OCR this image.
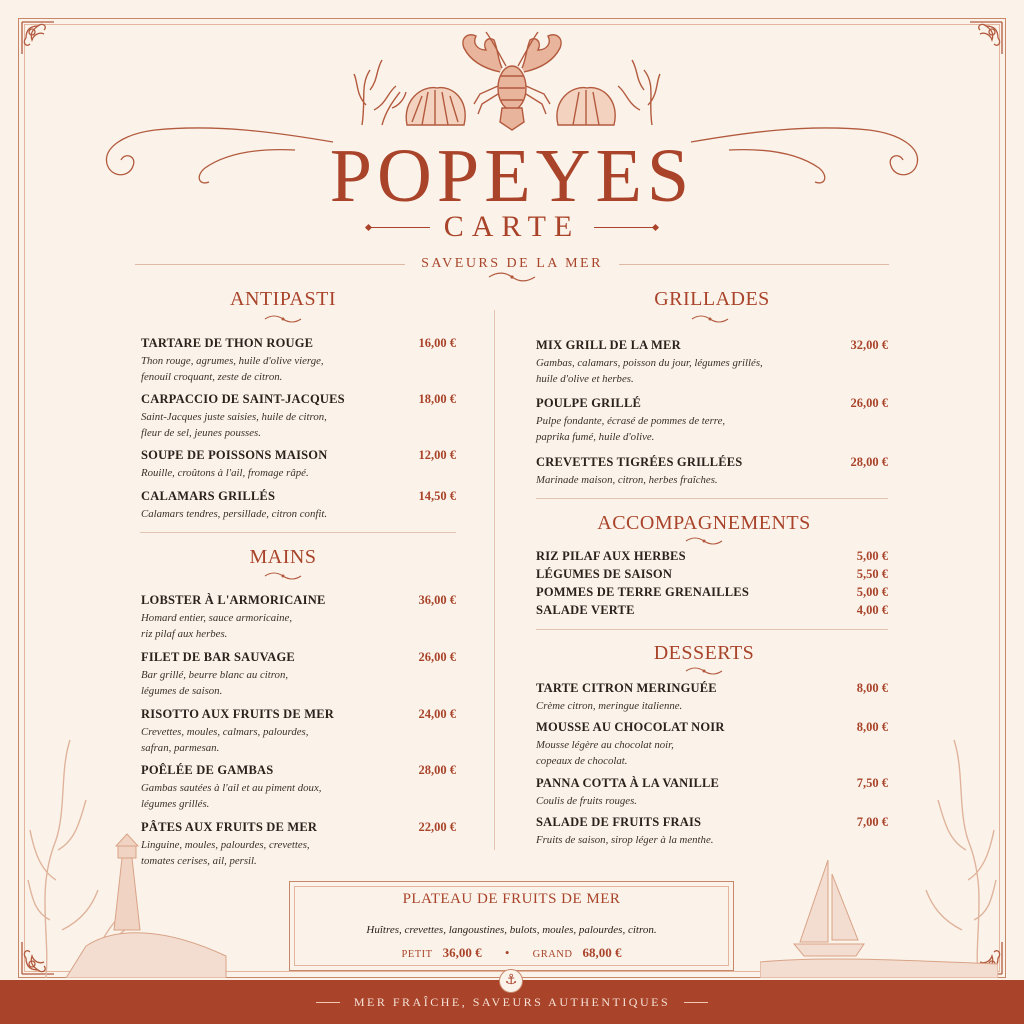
POPEYES
CARTE
SAVEURS DE LA MER
ANTIPASTI
TARTARE DE THON ROUGE
Thon rouge, agrumes, huile d'olive vierge,
fenouil croquant, zeste de citron.
16,00 €
CARPACCIO DE SAINT-JACQUES
Saint-Jacques juste saisies, huile de citron,
fleur de sel, jeunes pousses.
18,00 €
SOUPE DE POISSONS MAISON
Rouille, croûtons à l'ail, fromage râpé.
12,00 €
CALAMARS GRILLÉS
Calamars tendres, persillade, citron confit.
14,50 €
MAINS
LOBSTER À L'ARMORICAINE
Homard entier, sauce armoricaine,
riz pilaf aux herbes.
36,00 €
FILET DE BAR SAUVAGE
Bar grillé, beurre blanc au citron,
légumes de saison.
26,00 €
RISOTTO AUX FRUITS DE MER
Crevettes, moules, calmars, palourdes,
safran, parmesan.
24,00 €
POÊLÉE DE GAMBAS
Gambas sautées à l'ail et au piment doux,
légumes grillés.
28,00 €
PÂTES AUX FRUITS DE MER
Linguine, moules, palourdes, crevettes,
tomates cerises, ail, persil.
22,00 €
GRILLADES
MIX GRILL DE LA MER
Gambas, calamars, poisson du jour, légumes grillés,
huile d'olive et herbes.
32,00 €
POULPE GRILLÉ
Pulpe fondante, écrasé de pommes de terre,
paprika fumé, huile d'olive.
26,00 €
CREVETTES TIGRÉES GRILLÉES
Marinade maison, citron, herbes fraîches.
28,00 €
ACCOMPAGNEMENTS
RIZ PILAF AUX HERBES	5,00 €
LÉGUMES DE SAISON	5,50 €
POMMES DE TERRE GRENAILLES	5,00 €
SALADE VERTE	4,00 €
DESSERTS
TARTE CITRON MERINGUÉE
Crème citron, meringue italienne.
8,00 €
MOUSSE AU CHOCOLAT NOIR
Mousse légère au chocolat noir,
copeaux de chocolat.
8,00 €
PANNA COTTA À LA VANILLE
Coulis de fruits rouges.
7,50 €
SALADE DE FRUITS FRAIS
Fruits de saison, sirop léger à la menthe.
7,00 €
PLATEAU DE FRUITS DE MER
Huîtres, crevettes, langoustines, bulots, moules, palourdes, citron.
PETIT 36,00 € • GRAND 68,00 €
MER FRAÎCHE, SAVEURS AUTHENTIQUES
⚓
